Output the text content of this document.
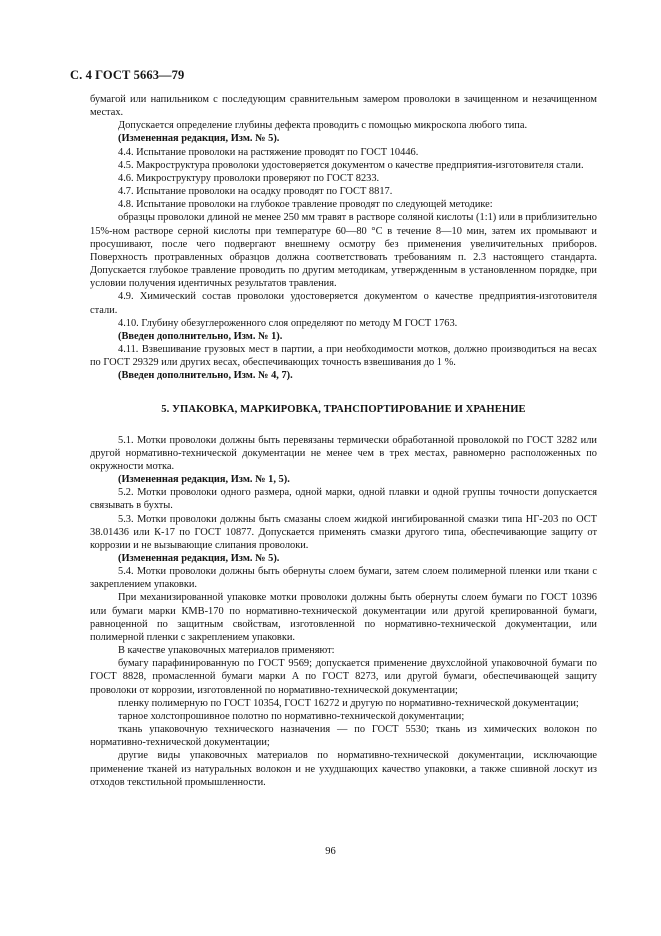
С. 4 ГОСТ 5663—79
бумагой или напильником с последующим сравнительным замером проволоки в зачищенном и незачищенном местах.
Допускается определение глубины дефекта проводить с помощью микроскопа любого типа.
(Измененная редакция, Изм. № 5).
4.4. Испытание проволоки на растяжение проводят по ГОСТ 10446.
4.5. Макроструктура проволоки удостоверяется документом о качестве предприятия-изготовителя стали.
4.6. Микроструктуру проволоки проверяют по ГОСТ 8233.
4.7. Испытание проволоки на осадку проводят по ГОСТ 8817.
4.8. Испытание проволоки на глубокое травление проводят по следующей методике:
образцы проволоки длиной не менее 250 мм травят в растворе соляной кислоты (1:1) или в приблизительно 15%-ном растворе серной кислоты при температуре 60—80 °С в течение 8—10 мин, затем их промывают и просушивают, после чего подвергают внешнему осмотру без применения увеличительных приборов. Поверхность протравленных образцов должна соответствовать требованиям п. 2.3 настоящего стандарта. Допускается глубокое травление проводить по другим методикам, утвержденным в установленном порядке, при условии получения идентичных результатов травления.
4.9. Химический состав проволоки удостоверяется документом о качестве предприятия-изготовителя стали.
4.10. Глубину обезуглероженного слоя определяют по методу М ГОСТ 1763.
(Введен дополнительно, Изм. № 1).
4.11. Взвешивание грузовых мест в партии, а при необходимости мотков, должно производиться на весах по ГОСТ 29329 или других весах, обеспечивающих точность взвешивания до 1 %.
(Введен дополнительно, Изм. № 4, 7).
5. УПАКОВКА, МАРКИРОВКА, ТРАНСПОРТИРОВАНИЕ И ХРАНЕНИЕ
5.1. Мотки проволоки должны быть перевязаны термически обработанной проволокой по ГОСТ 3282 или другой нормативно-технической документации не менее чем в трех местах, равномерно расположенных по окружности мотка.
(Измененная редакция, Изм. № 1, 5).
5.2. Мотки проволоки одного размера, одной марки, одной плавки и одной группы точности допускается связывать в бухты.
5.3. Мотки проволоки должны быть смазаны слоем жидкой ингибированной смазки типа НГ-203 по ОСТ 38.01436 или К-17 по ГОСТ 10877. Допускается применять смазки другого типа, обеспечивающие защиту от коррозии и не вызывающие слипания проволоки.
(Измененная редакция, Изм. № 5).
5.4. Мотки проволоки должны быть обернуты слоем бумаги, затем слоем полимерной пленки или ткани с закреплением упаковки.
При механизированной упаковке мотки проволоки должны быть обернуты слоем бумаги по ГОСТ 10396 или бумаги марки КМВ-170 по нормативно-технической документации или другой крепированной бумаги, равноценной по защитным свойствам, изготовленной по нормативно-технической документации, или полимерной пленки с закреплением упаковки.
В качестве упаковочных материалов применяют:
бумагу парафинированную по ГОСТ 9569; допускается применение двухслойной упаковочной бумаги по ГОСТ 8828, промасленной бумаги марки А по ГОСТ 8273, или другой бумаги, обеспечивающей защиту проволоки от коррозии, изготовленной по нормативно-технической документации;
пленку полимерную по ГОСТ 10354, ГОСТ 16272 и другую по нормативно-технической документации;
тарное холстопрошивное полотно по нормативно-технической документации;
ткань упаковочную технического назначения — по ГОСТ 5530; ткань из химических волокон по нормативно-технической документации;
другие виды упаковочных материалов по нормативно-технической документации, исключающие применение тканей из натуральных волокон и не ухудшающих качество упаковки, а также сшивной лоскут из отходов текстильной промышленности.
96
